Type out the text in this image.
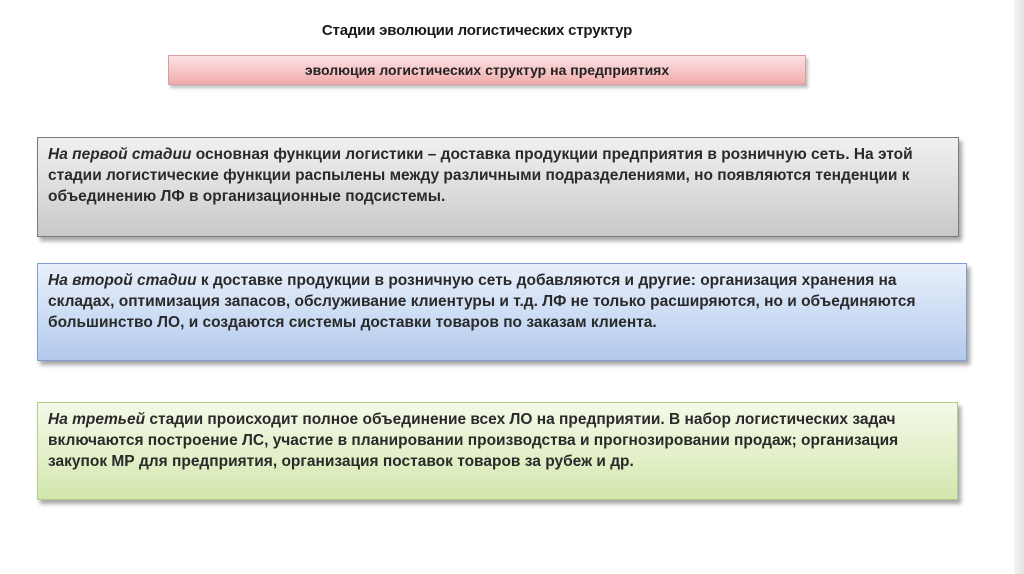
Стадии эволюции логистических структур
эволюция логистических структур на предприятиях
На первой стадии основная функции логистики – доставка продукции предприятия в розничную сеть. На этой стадии логистические функции распылены между различными подразделениями, но появляются тенденции к объединению ЛФ в организационные подсистемы.
На второй стадии к доставке продукции в розничную сеть добавляются и другие: организация хранения на складах, оптимизация запасов, обслуживание клиентуры и т.д. ЛФ не только расширяются, но и объединяются большинство ЛО, и создаются системы доставки товаров по заказам клиента.
На третьей стадии происходит полное объединение всех ЛО на предприятии. В набор логистических задач включаются построение ЛС, участие в планировании производства и прогнозировании продаж; организация закупок МР для предприятия, организация поставок товаров за рубеж и др.
